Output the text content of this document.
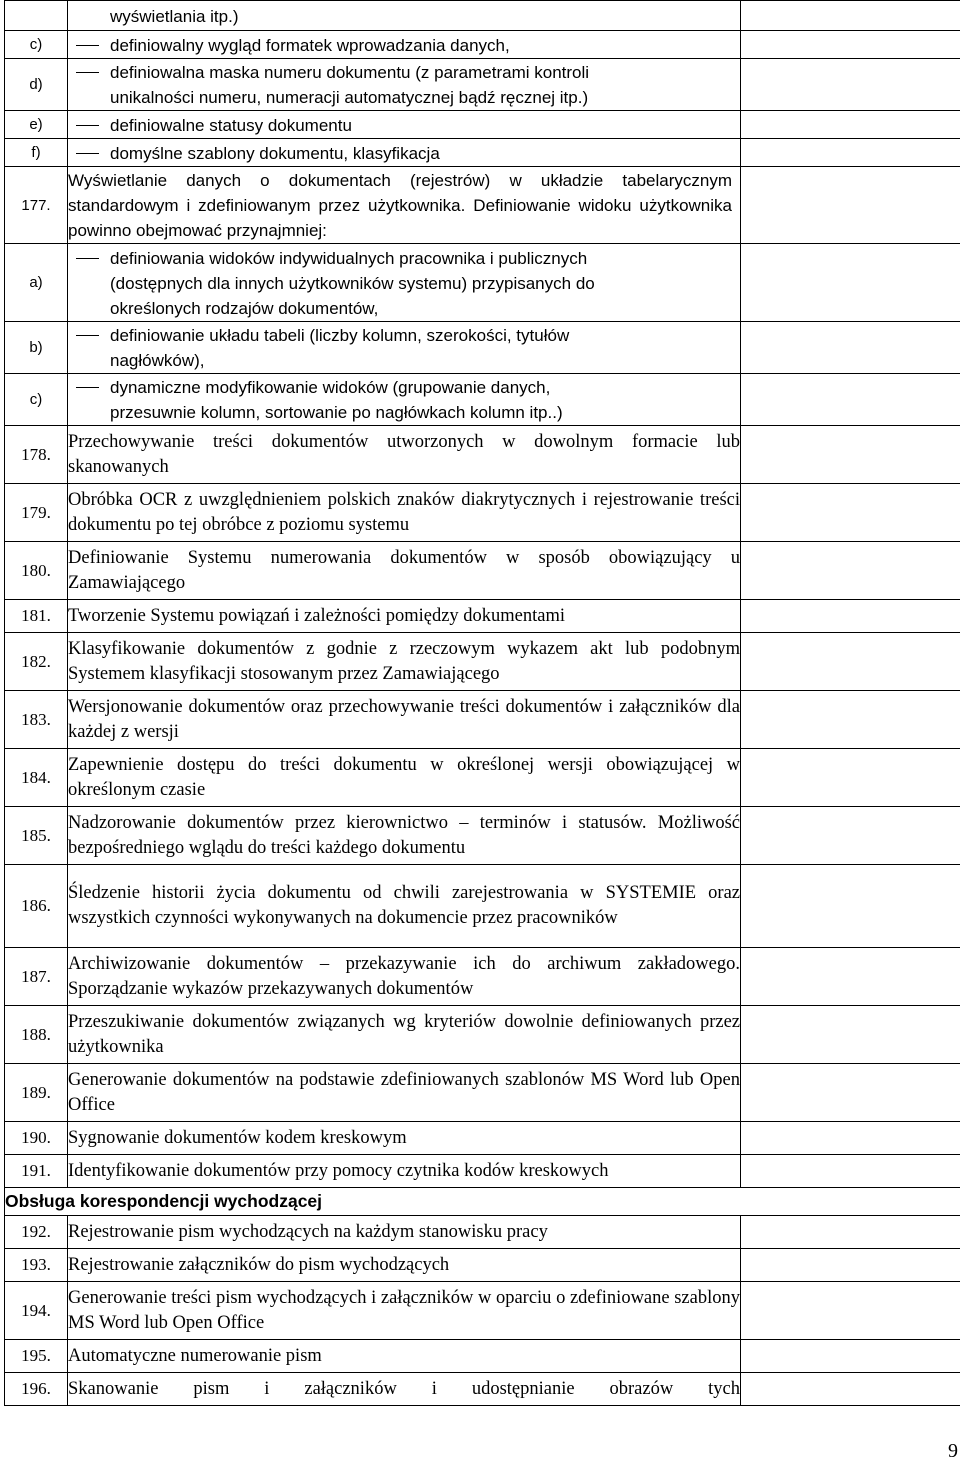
	wyświetlania itp.)	

c)	definiowalny wygląd formatek wprowadzania danych,	

d)	definiowalna maska numeru dokumentu (z parametrami kontroli
unikalności numeru, numeracji automatycznej bądź ręcznej itp.)	

e)	definiowalne statusy dokumentu	

f)	domyślne szablony dokumentu, klasyfikacja	

177.	Wyświetlanie danych o dokumentach (rejestrów) w układzie tabelarycznym standardowym i zdefiniowanym przez użytkownika. Definiowanie widoku użytkownika powinno obejmować przynajmniej:	

a)	definiowania widoków indywidualnych pracownika i publicznych
(dostępnych dla innych użytkowników systemu) przypisanych do
określonych rodzajów dokumentów,	

b)	definiowanie układu tabeli (liczby kolumn, szerokości, tytułów
nagłówków),	

c)	dynamiczne modyfikowanie widoków (grupowanie danych,
przesuwnie kolumn, sortowanie po nagłówkach kolumn itp..)	

178.	Przechowywanie treści dokumentów utworzonych w dowolnym formacie lub skanowanych	
179.	Obróbka OCR z uwzględnieniem polskich znaków diakrytycznych i rejestrowanie treści dokumentu po tej obróbce z poziomu systemu	
180.	Definiowanie Systemu numerowania dokumentów w sposób obowiązujący u Zamawiającego	
181.	Tworzenie Systemu powiązań i zależności pomiędzy dokumentami	
182.	Klasyfikowanie dokumentów z godnie z rzeczowym wykazem akt lub podobnym Systemem klasyfikacji stosowanym przez Zamawiającego	
183.	Wersjonowanie dokumentów oraz przechowywanie treści dokumentów i załączników dla każdej z wersji	
184.	Zapewnienie dostępu do treści dokumentu w określonej wersji obowiązującej w określonym czasie	
185.	Nadzorowanie dokumentów przez kierownictwo – terminów i statusów. Możliwość bezpośredniego wglądu do treści każdego dokumentu	
186.	Śledzenie historii życia dokumentu od chwili zarejestrowania w SYSTEMIE oraz wszystkich czynności wykonywanych na dokumencie przez pracowników	
187.	Archiwizowanie dokumentów – przekazywanie ich do archiwum zakładowego. Sporządzanie wykazów przekazywanych dokumentów	
188.	Przeszukiwanie dokumentów związanych wg kryteriów dowolnie definiowanych przez użytkownika	
189.	Generowanie dokumentów na podstawie zdefiniowanych szablonów MS Word lub Open Office	
190.	Sygnowanie dokumentów kodem kreskowym	
191.	Identyfikowanie dokumentów przy pomocy czytnika kodów kreskowych	
Obsługa korespondencji wychodzącej		
192.	Rejestrowanie pism wychodzących na każdym stanowisku pracy	
193.	Rejestrowanie załączników do pism wychodzących	
194.	Generowanie treści pism wychodzących i załączników w oparciu o zdefiniowane szablony MS Word lub Open Office	
195.	Automatyczne numerowanie pism	
196.	Skanowanie pism i załączników i udostępnianie obrazów tych	
9
